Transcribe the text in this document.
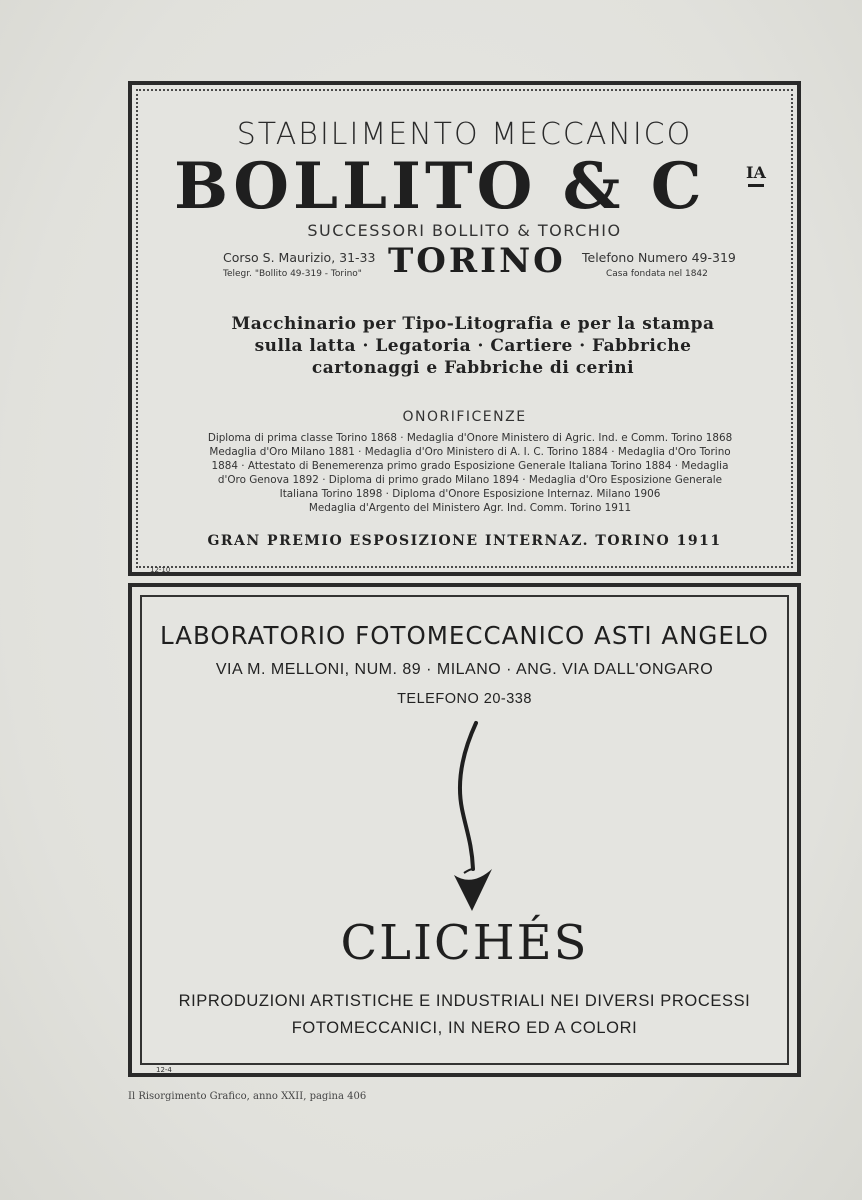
STABILIMENTO MECCANICO
BOLLITO & C	IA
SUCCESSORI BOLLITO & TORCHIO
Corso S. Maurizio, 31-33
Telegr. "Bollito 49-319 - Torino" TORINO Telefono Numero 49-319
Casa fondata nel 1842
Macchinario per Tipo-Litografia e per la stampa
sulla latta · Legatoria · Cartiere · Fabbriche
cartonaggi e Fabbriche di cerini
ONORIFICENZE
Diploma di prima classe Torino 1868 · Medaglia d'Onore Ministero di Agric. Ind. e Comm. Torino 1868
Medaglia d'Oro Milano 1881 · Medaglia d'Oro Ministero di A. I. C. Torino 1884 · Medaglia d'Oro Torino
1884 · Attestato di Benemerenza primo grado Esposizione Generale Italiana Torino 1884 · Medaglia
d'Oro Genova 1892 · Diploma di primo grado Milano 1894 · Medaglia d'Oro Esposizione Generale
Italiana Torino 1898 · Diploma d'Onore Esposizione Internaz. Milano 1906
Medaglia d'Argento del Ministero Agr. Ind. Comm. Torino 1911
GRAN PREMIO ESPOSIZIONE INTERNAZ. TORINO 1911
12-10
LABORATORIO FOTOMECCANICO ASTI ANGELO
VIA M. MELLONI, NUM. 89 · MILANO · ANG. VIA DALL'ONGARO
TELEFONO 20-338
CLICHÉS
RIPRODUZIONI ARTISTICHE E INDUSTRIALI NEI DIVERSI PROCESSI
FOTOMECCANICI, IN NERO ED A COLORI
12-4
Il Risorgimento Grafico, anno XXII, pagina 406
